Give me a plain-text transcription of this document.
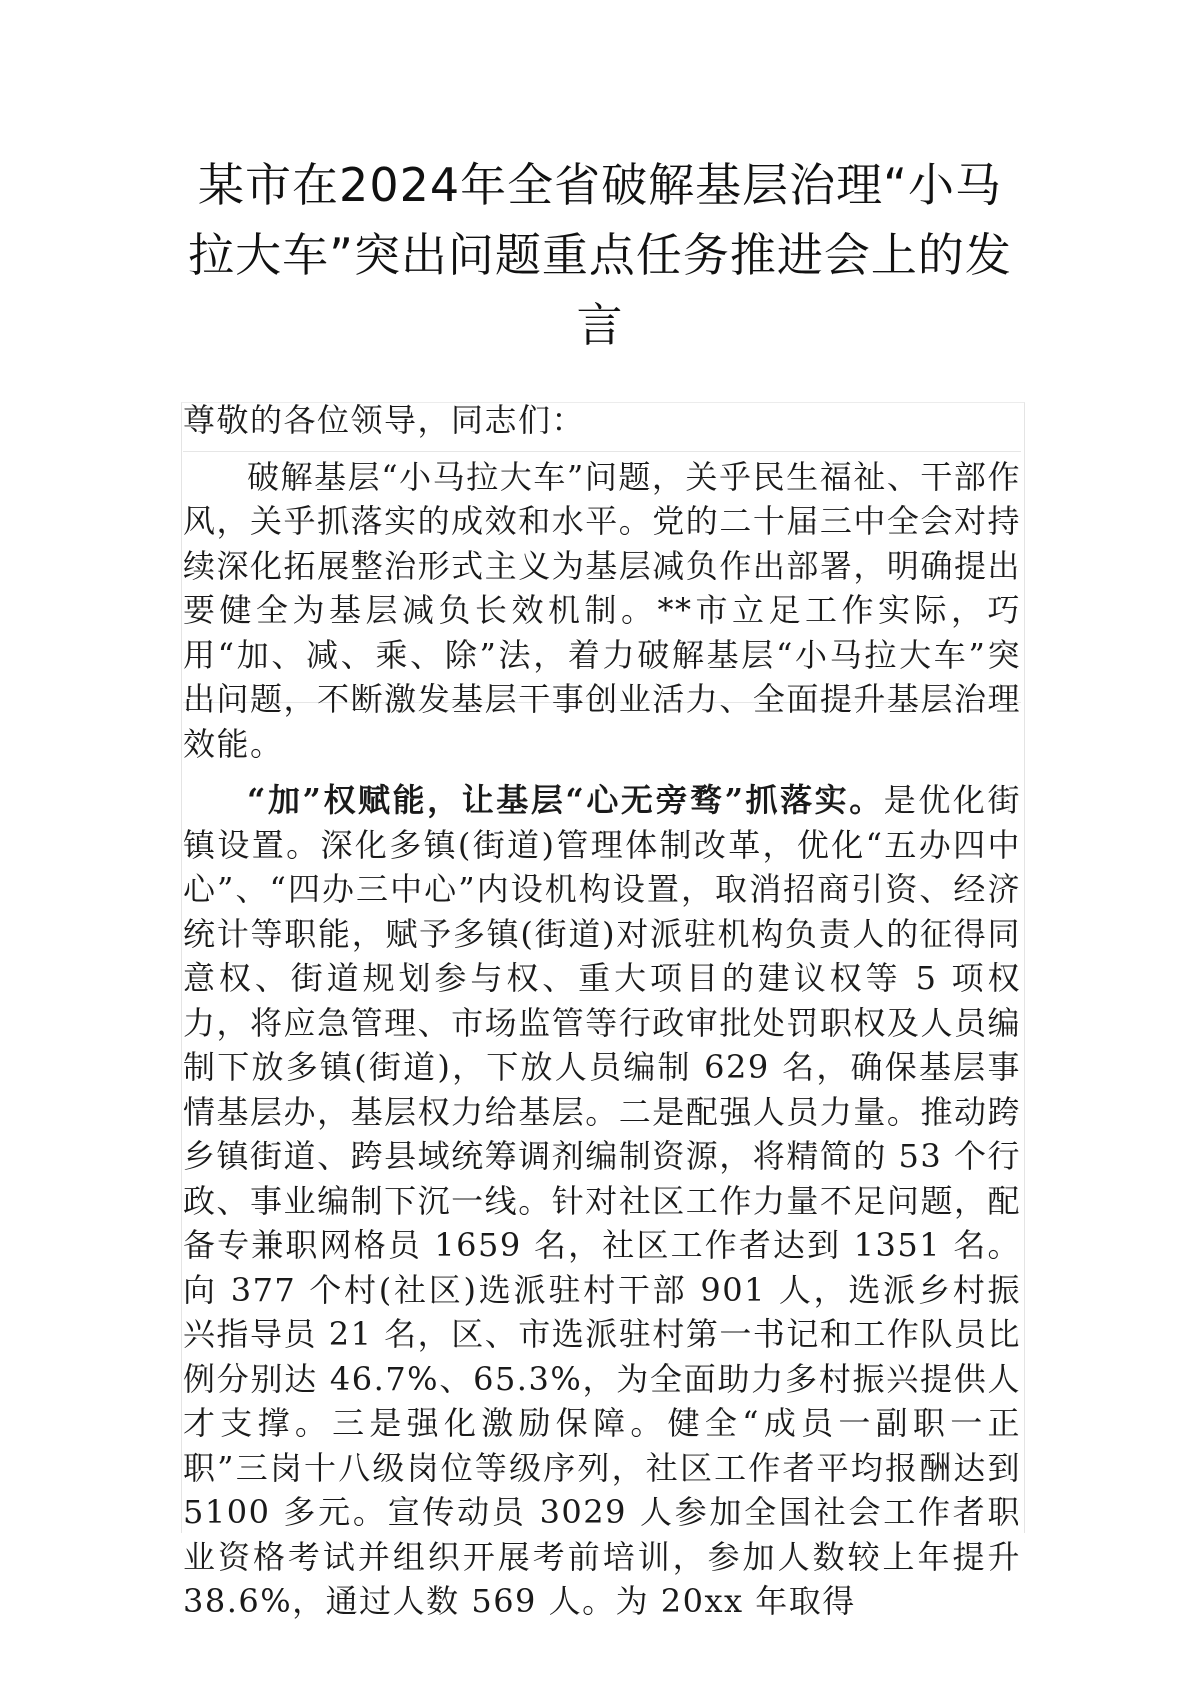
某市在2024年全省破解基层治理“小马拉大车”突出问题重点任务推进会上的发言

尊敬的各位领导，同志们：

破解基层“小马拉大车”问题，关乎民生福祉、干部作风，关乎抓落实的成效和水平。党的二十届三中全会对持续深化拓展整治形式主义为基层减负作出部署，明确提出要健全为基层减负长效机制。**市立足工作实际，巧用“加、减、乘、除”法，着力破解基层“小马拉大车”突出问题，不断激发基层干事创业活力、全面提升基层治理效能。

“加”权赋能，让基层“心无旁骛”抓落实。是优化街镇设置。深化多镇(街道)管理体制改革，优化“五办四中心”、“四办三中心”内设机构设置，取消招商引资、经济统计等职能，赋予多镇(街道)对派驻机构负责人的征得同意权、街道规划参与权、重大项目的建议权等 5 项权力，将应急管理、市场监管等行政审批处罚职权及人员编制下放多镇(街道)，下放人员编制 629 名，确保基层事情基层办，基层权力给基层。二是配强人员力量。推动跨乡镇街道、跨县域统筹调剂编制资源，将精简的 53 个行政、事业编制下沉一线。针对社区工作力量不足问题，配备专兼职网格员 1659 名，社区工作者达到 1351 名。向 377 个村(社区)选派驻村干部 901 人，选派乡村振兴指导员 21 名，区、市选派驻村第一书记和工作队员比例分别达 46.7%、65.3%，为全面助力多村振兴提供人才支撑。三是强化激励保障。健全“成员一副职一正职”三岗十八级岗位等级序列，社区工作者平均报酬达到 5100 多元。宣传动员 3029 人参加全国社会工作者职业资格考试并组织开展考前培训，参加人数较上年提升 38.6%，通过人数 569 人。为 20xx 年取得
